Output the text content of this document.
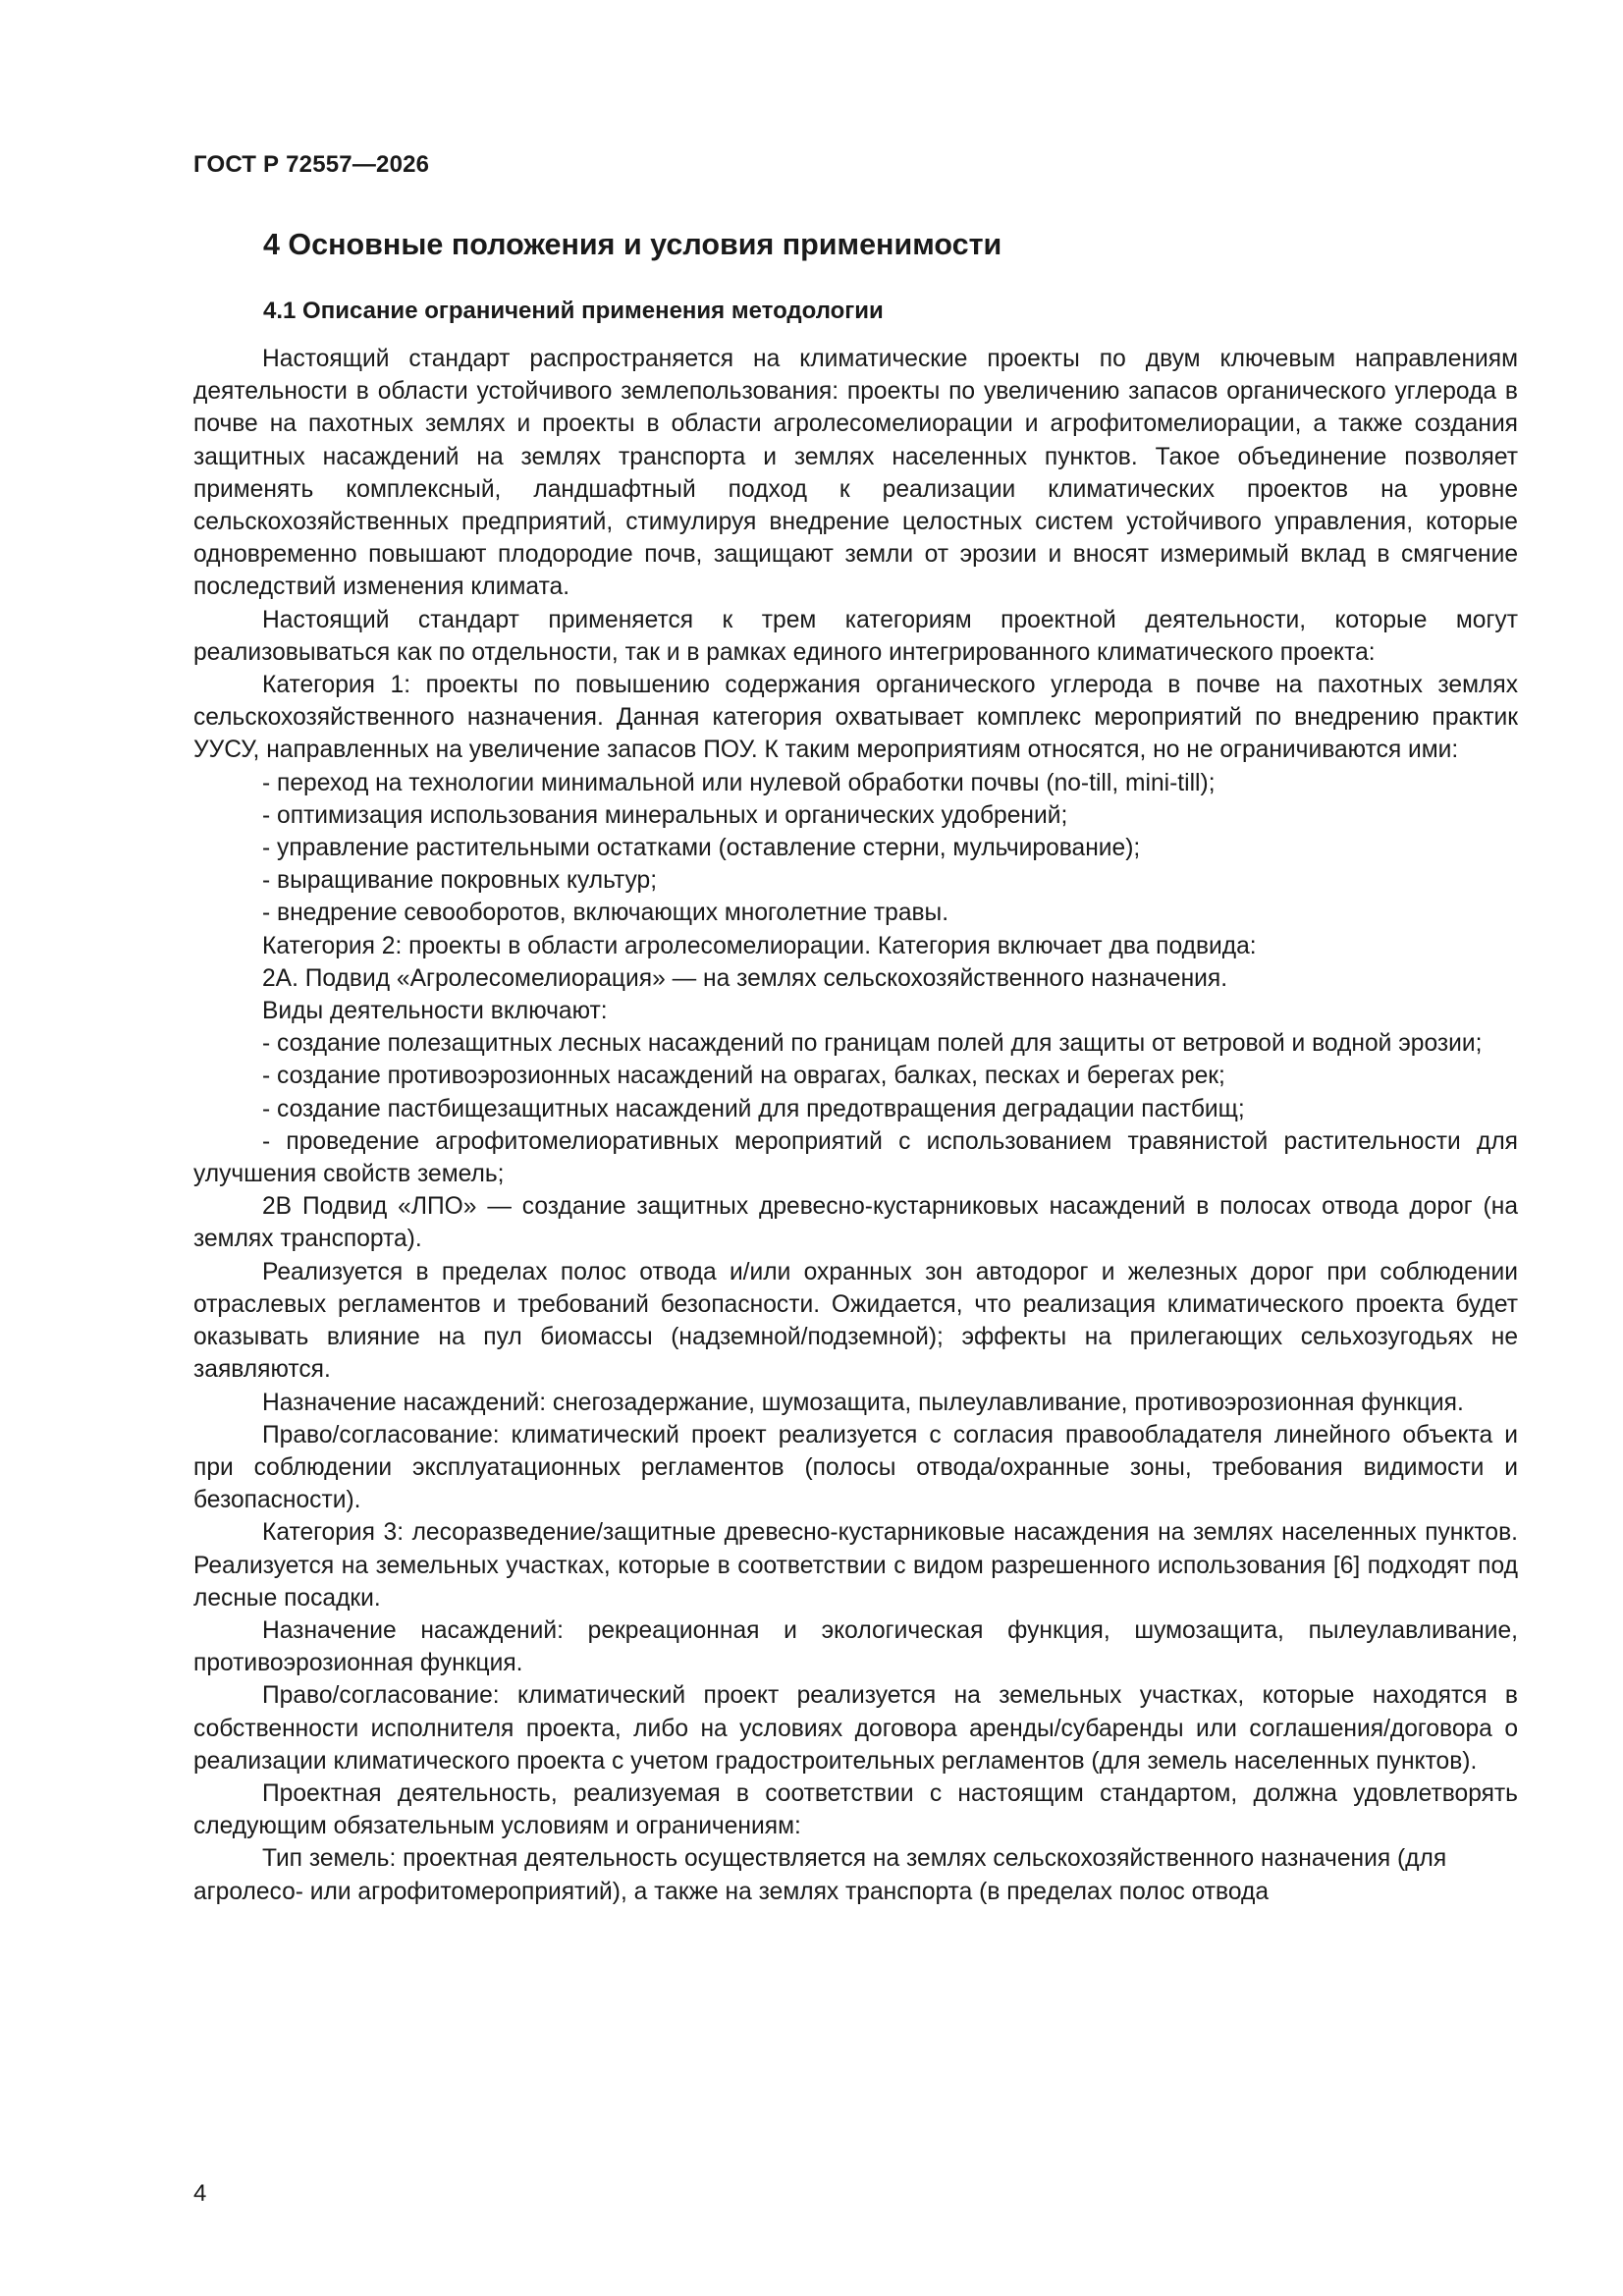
ГОСТ Р 72557—2026
4 Основные положения и условия применимости
4.1 Описание ограничений применения методологии

Настоящий стандарт распространяется на климатические проекты по двум ключевым направлениям деятельности в области устойчивого землепользования: проекты по увеличению запасов органического углерода в почве на пахотных землях и проекты в области агролесомелиорации и агрофитомелиорации, а также создания защитных насаждений на землях транспорта и землях населенных пунктов. Такое объединение позволяет применять комплексный, ландшафтный подход к реализации климатических проектов на уровне сельскохозяйственных предприятий, стимулируя внедрение целостных систем устойчивого управления, которые одновременно повышают плодородие почв, защищают земли от эрозии и вносят измеримый вклад в смягчение последствий изменения климата.

Настоящий стандарт применяется к трем категориям проектной деятельности, которые могут реализовываться как по отдельности, так и в рамках единого интегрированного климатического проекта:

Категория 1: проекты по повышению содержания органического углерода в почве на пахотных землях сельскохозяйственного назначения. Данная категория охватывает комплекс мероприятий по внедрению практик УУСУ, направленных на увеличение запасов ПОУ. К таким мероприятиям относятся, но не ограничиваются ими:

- переход на технологии минимальной или нулевой обработки почвы (no-till, mini-till);

- оптимизация использования минеральных и органических удобрений;

- управление растительными остатками (оставление стерни, мульчирование);

- выращивание покровных культур;

- внедрение севооборотов, включающих многолетние травы.

Категория 2: проекты в области агролесомелиорации. Категория включает два подвида:

2А. Подвид «Агролесомелиорация» — на землях сельскохозяйственного назначения.

Виды деятельности включают:

- создание полезащитных лесных насаждений по границам полей для защиты от ветровой и водной эрозии;

- создание противоэрозионных насаждений на оврагах, балках, песках и берегах рек;

- создание пастбищезащитных насаждений для предотвращения деградации пастбищ;

- проведение агрофитомелиоративных мероприятий с использованием травянистой растительности для улучшения свойств земель;

2В Подвид «ЛПО» — создание защитных древесно-кустарниковых насаждений в полосах отвода дорог (на землях транспорта).

Реализуется в пределах полос отвода и/или охранных зон автодорог и железных дорог при соблюдении отраслевых регламентов и требований безопасности. Ожидается, что реализация климатического проекта будет оказывать влияние на пул биомассы (надземной/подземной); эффекты на прилегающих сельхозугодьях не заявляются.

Назначение насаждений: снегозадержание, шумозащита, пылеулавливание, противоэрозионная функция.

Право/согласование: климатический проект реализуется с согласия правообладателя линейного объекта и при соблюдении эксплуатационных регламентов (полосы отвода/охранные зоны, требования видимости и безопасности).

Категория 3: лесоразведение/защитные древесно-кустарниковые насаждения на землях населенных пунктов. Реализуется на земельных участках, которые в соответствии с видом разрешенного использования [6] подходят под лесные посадки.

Назначение насаждений: рекреационная и экологическая функция, шумозащита, пылеулавливание, противоэрозионная функция.

Право/согласование: климатический проект реализуется на земельных участках, которые находятся в собственности исполнителя проекта, либо на условиях договора аренды/субаренды или соглашения/договора о реализации климатического проекта с учетом градостроительных регламентов (для земель населенных пунктов).

Проектная деятельность, реализуемая в соответствии с настоящим стандартом, должна удовлетворять следующим обязательным условиям и ограничениям:

Тип земель: проектная деятельность осуществляется на землях сельскохозяйственного назначения (для агролесо- или агрофитомероприятий), а также на землях транспорта (в пределах полос отвода

4
